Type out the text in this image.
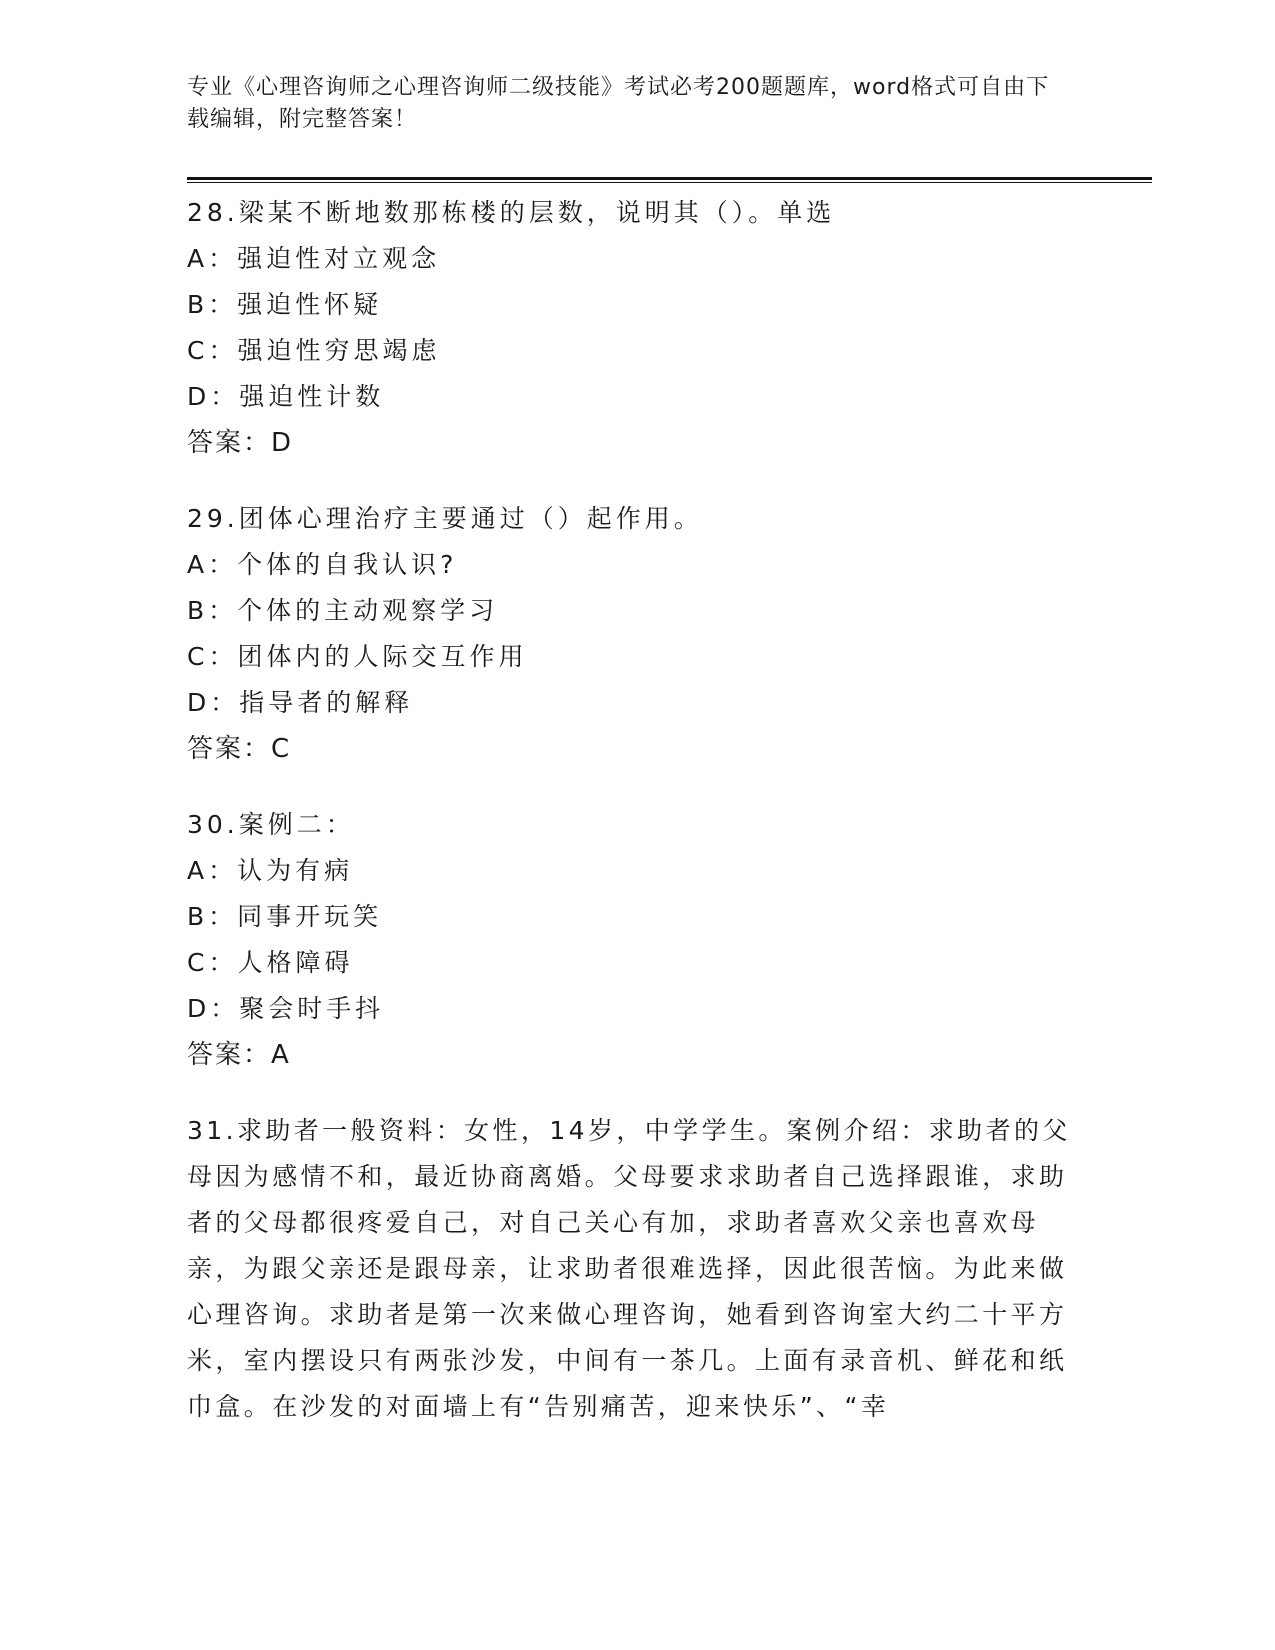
专业《心理咨询师之心理咨询师二级技能》考试必考200题题库，word格式可自由下载编辑，附完整答案！
28.梁某不断地数那栋楼的层数，说明其（）。单选
A：强迫性对立观念
B：强迫性怀疑
C：强迫性穷思竭虑
D：强迫性计数
答案：D
29.团体心理治疗主要通过（）起作用。
A：个体的自我认识?
B：个体的主动观察学习
C：团体内的人际交互作用
D：指导者的解释
答案：C
30.案例二：
A：认为有病
B：同事开玩笑
C：人格障碍
D：聚会时手抖
答案：A
31.求助者一般资料：女性，14岁，中学学生。案例介绍：求助者的父母因为感情不和，最近协商离婚。父母要求求助者自己选择跟谁，求助者的父母都很疼爱自己，对自己关心有加，求助者喜欢父亲也喜欢母亲，为跟父亲还是跟母亲，让求助者很难选择，因此很苦恼。为此来做心理咨询。求助者是第一次来做心理咨询，她看到咨询室大约二十平方米，室内摆设只有两张沙发，中间有一茶几。上面有录音机、鲜花和纸巾盒。在沙发的对面墙上有“告别痛苦，迎来快乐”、“幸
